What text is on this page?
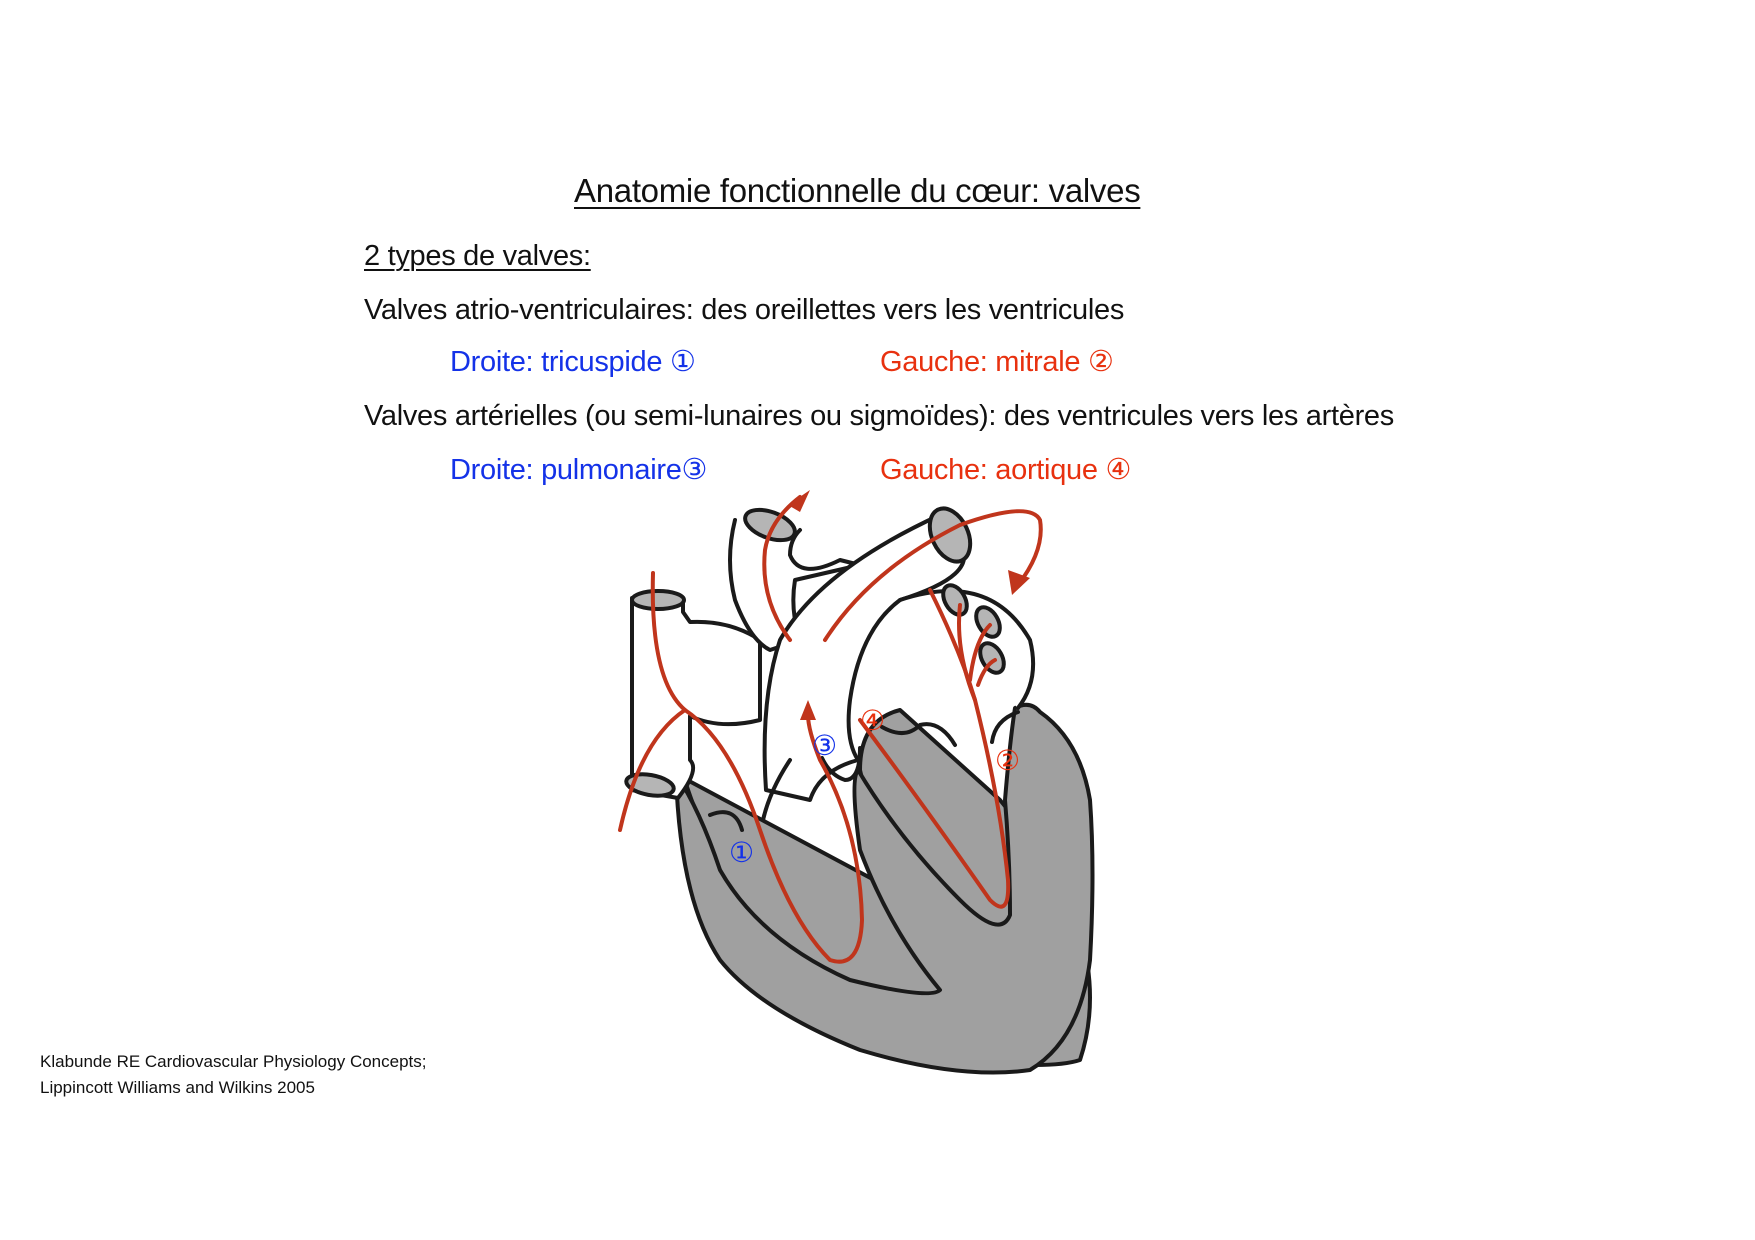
Anatomie fonctionnelle du cœur: valves
2 types de valves:
Valves atrio-ventriculaires: des oreillettes vers les ventricules
Droite: tricuspide ①	Gauche: mitrale ②
Valves artérielles (ou semi-lunaires ou sigmoïdes): des ventricules vers les artères
Droite: pulmonaire③	Gauche: aortique ④
①
②
③
④
Klabunde RE Cardiovascular Physiology Concepts;
Lippincott Williams and Wilkins 2005
